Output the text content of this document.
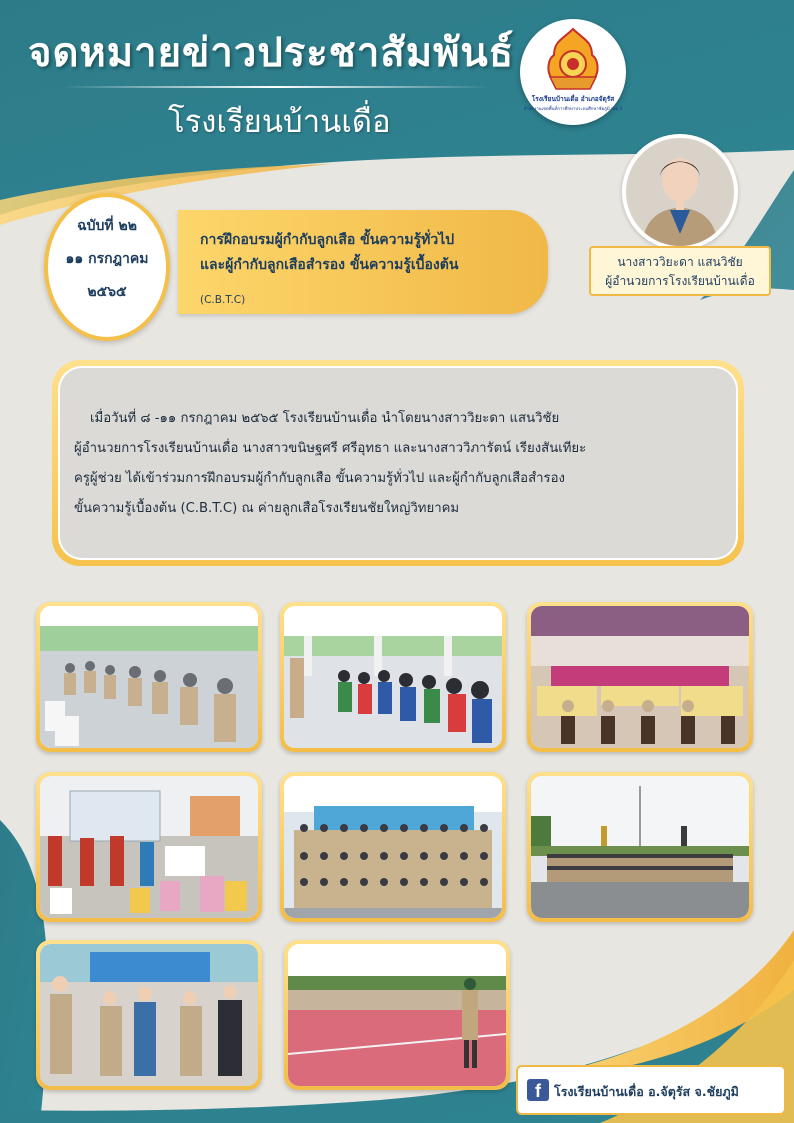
จดหมายข่าวประชาสัมพันธ์
โรงเรียนบ้านเดื่อ
โรงเรียนบ้านเดื่อ อำเภอจัตุรัส
สำนักงานเขตพื้นที่การศึกษาประถมศึกษาชัยภูมิ เขต 3
นางสาววิยะดา แสนวิชัย
ผู้อำนวยการโรงเรียนบ้านเดื่อ
ฉบับที่ ๒๒
๑๑ กรกฎาคม
๒๕๖๕
การฝึกอบรมผู้กำกับลูกเสือ ขั้นความรู้ทั่วไป
และผู้กำกับลูกเสือสำรอง ขั้นความรู้เบื้องต้น
(C.B.T.C)
เมื่อวันที่ ๘ -๑๑ กรกฎาคม ๒๕๖๕ โรงเรียนบ้านเดื่อ นำโดยนางสาววิยะดา แสนวิชัย
ผู้อำนวยการโรงเรียนบ้านเดื่อ นางสาวขนิษฐศรี ศรีอุทธา และนางสาววิภารัตน์ เรียงสันเทียะ
ครูผู้ช่วย ได้เข้าร่วมการฝึกอบรมผู้กำกับลูกเสือ ขั้นความรู้ทั่วไป และผู้กำกับลูกเสือสำรอง
ขั้นความรู้เบื้องต้น (C.B.T.C) ณ ค่ายลูกเสือโรงเรียนชัยใหญ่วิทยาคม
f	โรงเรียนบ้านเดื่อ อ.จัตุรัส จ.ชัยภูมิ
